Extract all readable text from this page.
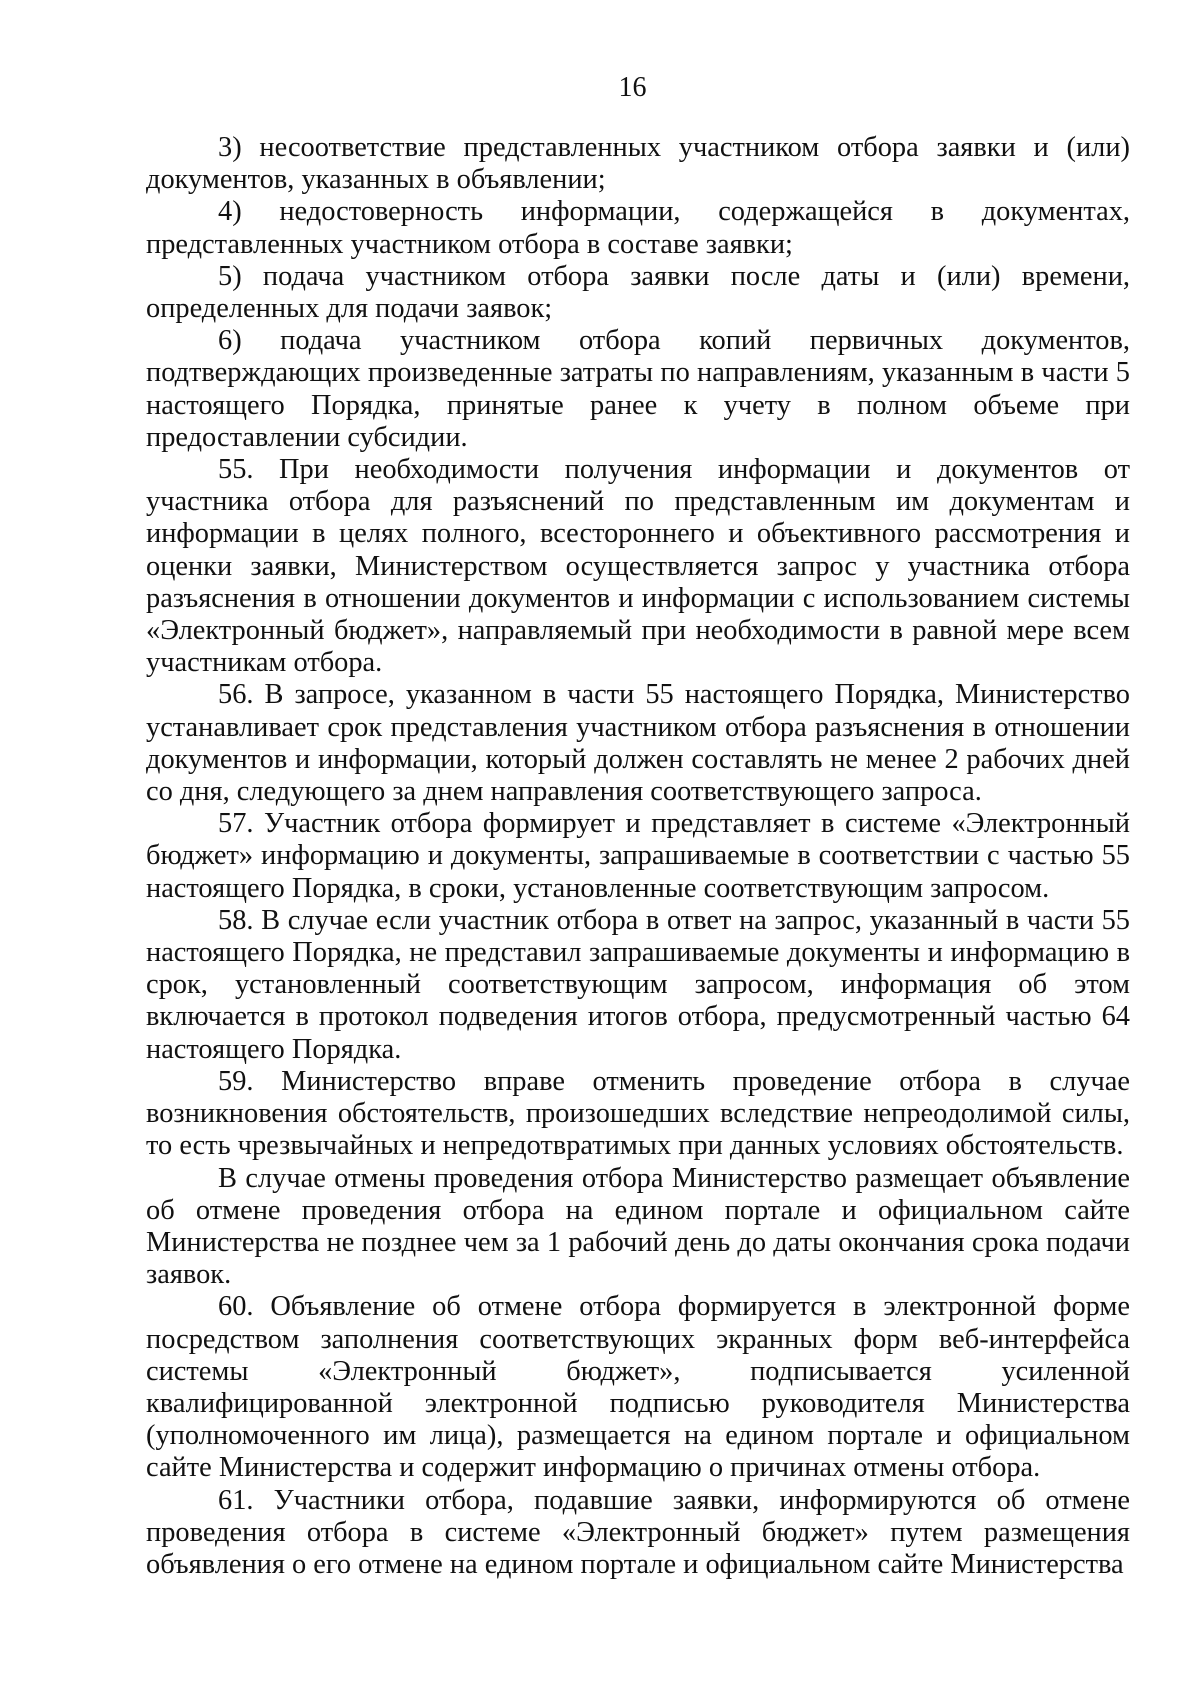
16

3) несоответствие представленных участником отбора заявки и (или) документов, указанных в объявлении;

4) недостоверность информации, содержащейся в документах, представленных участником отбора в составе заявки;

5) подача участником отбора заявки после даты и (или) времени, определенных для подачи заявок;

6) подача участником отбора копий первичных документов, подтверждающих произведенные затраты по направлениям, указанным в части 5 настоящего Порядка, принятые ранее к учету в полном объеме при предоставлении субсидии.

55. При необходимости получения информации и документов от участника отбора для разъяснений по представленным им документам и информации в целях полного, всестороннего и объективного рассмотрения и оценки заявки, Министерством осуществляется запрос у участника отбора разъяснения в отношении документов и информации с использованием системы «Электронный бюджет», направляемый при необходимости в равной мере всем участникам отбора.

56. В запросе, указанном в части 55 настоящего Порядка, Министерство устанавливает срок представления участником отбора разъяснения в отношении документов и информации, который должен составлять не менее 2 рабочих дней со дня, следующего за днем направления соответствующего запроса.

57. Участник отбора формирует и представляет в системе «Электронный бюджет» информацию и документы, запрашиваемые в соответствии с частью 55 настоящего Порядка, в сроки, установленные соответствующим запросом.

58. В случае если участник отбора в ответ на запрос, указанный в части 55 настоящего Порядка, не представил запрашиваемые документы и информацию в срок, установленный соответствующим запросом, информация об этом включается в протокол подведения итогов отбора, предусмотренный частью 64 настоящего Порядка.

59. Министерство вправе отменить проведение отбора в случае возникновения обстоятельств, произошедших вследствие непреодолимой силы, то есть чрезвычайных и непредотвратимых при данных условиях обстоятельств.

В случае отмены проведения отбора Министерство размещает объявление об отмене проведения отбора на едином портале и официальном сайте Министерства не позднее чем за 1 рабочий день до даты окончания срока подачи заявок.

60. Объявление об отмене отбора формируется в электронной форме посредством заполнения соответствующих экранных форм веб-интерфейса системы «Электронный бюджет», подписывается усиленной квалифицированной электронной подписью руководителя Министерства (уполномоченного им лица), размещается на едином портале и официальном сайте Министерства и содержит информацию о причинах отмены отбора.

61. Участники отбора, подавшие заявки, информируются об отмене проведения отбора в системе «Электронный бюджет» путем размещения объявления о его отмене на едином портале и официальном сайте Министерства
